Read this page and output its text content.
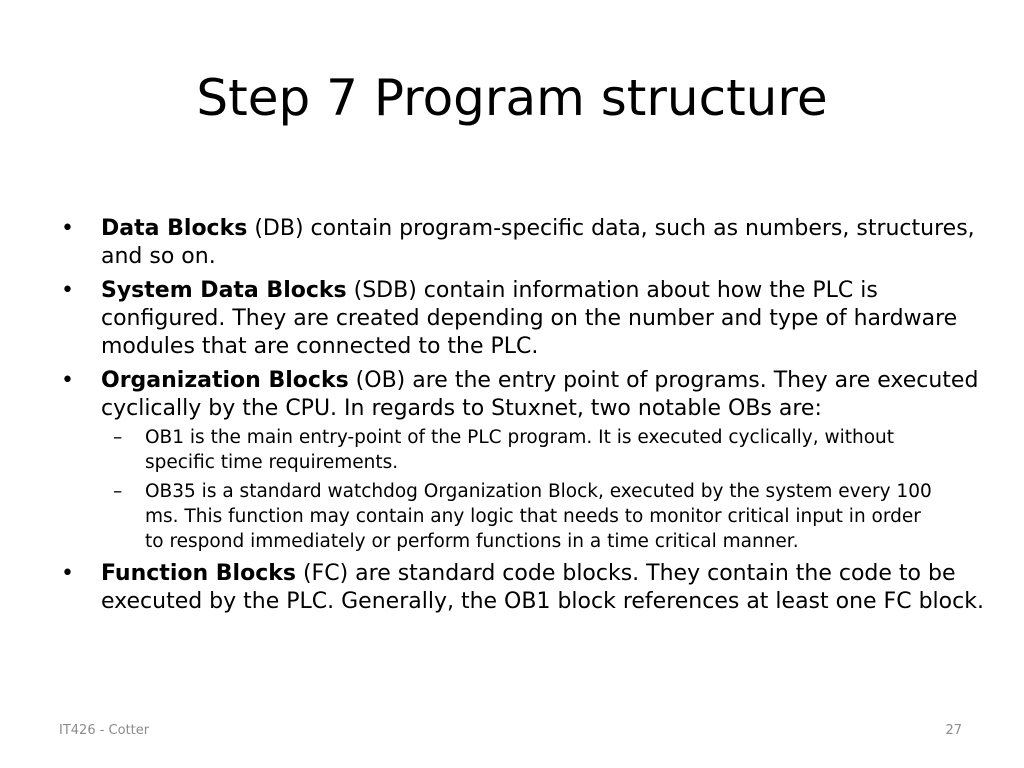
Step 7 Program structure
• Data Blocks (DB) contain program-specific data, such as numbers, structures, and so on.
• System Data Blocks (SDB) contain information about how the PLC is configured. They are created depending on the number and type of hardware modules that are connected to the PLC.
• Organization Blocks (OB) are the entry point of programs. They are executed cyclically by the CPU. In regards to Stuxnet, two notable OBs are:
– OB1 is the main entry-point of the PLC program. It is executed cyclically, without specific time requirements.
– OB35 is a standard watchdog Organization Block, executed by the system every 100 ms. This function may contain any logic that needs to monitor critical input in order to respond immediately or perform functions in a time critical manner.
• Function Blocks (FC) are standard code blocks. They contain the code to be executed by the PLC. Generally, the OB1 block references at least one FC block.
IT426 - Cotter	27
